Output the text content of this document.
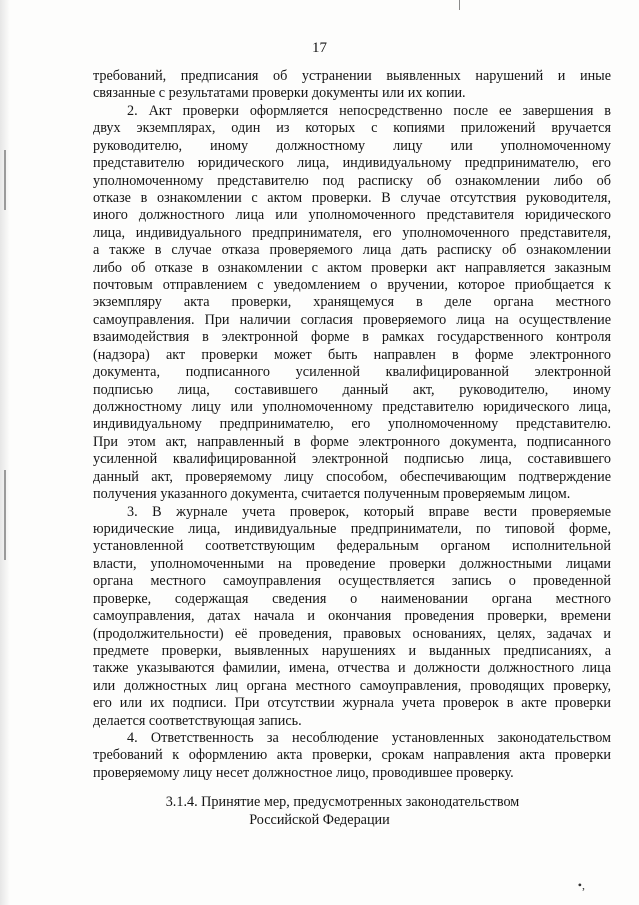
17
требований, предписания об устранении выявленных нарушений и иные
связанные с результатами проверки документы или их копии.
2. Акт проверки оформляется непосредственно после ее завершения в
двух экземплярах, один из которых с копиями приложений вручается
руководителю, иному должностному лицу или уполномоченному
представителю юридического лица, индивидуальному предпринимателю, его
уполномоченному представителю под расписку об ознакомлении либо об
отказе в ознакомлении с актом проверки. В случае отсутствия руководителя,
иного должностного лица или уполномоченного представителя юридического
лица, индивидуального предпринимателя, его уполномоченного представителя,
а также в случае отказа проверяемого лица дать расписку об ознакомлении
либо об отказе в ознакомлении с актом проверки акт направляется заказным
почтовым отправлением с уведомлением о вручении, которое приобщается к
экземпляру акта проверки, хранящемуся в деле органа местного
самоуправления. При наличии согласия проверяемого лица на осуществление
взаимодействия в электронной форме в рамках государственного контроля
(надзора) акт проверки может быть направлен в форме электронного
документа, подписанного усиленной квалифицированной электронной
подписью лица, составившего данный акт, руководителю, иному
должностному лицу или уполномоченному представителю юридического лица,
индивидуальному предпринимателю, его уполномоченному представителю.
При этом акт, направленный в форме электронного документа, подписанного
усиленной квалифицированной электронной подписью лица, составившего
данный акт, проверяемому лицу способом, обеспечивающим подтверждение
получения указанного документа, считается полученным проверяемым лицом.
3. В журнале учета проверок, который вправе вести проверяемые
юридические лица, индивидуальные предприниматели, по типовой форме,
установленной соответствующим федеральным органом исполнительной
власти, уполномоченными на проведение проверки должностными лицами
органа местного самоуправления осуществляется запись о проведенной
проверке, содержащая сведения о наименовании органа местного
самоуправления, датах начала и окончания проведения проверки, времени
(продолжительности) её проведения, правовых основаниях, целях, задачах и
предмете проверки, выявленных нарушениях и выданных предписаниях, а
также указываются фамилии, имена, отчества и должности должностного лица
или должностных лиц органа местного самоуправления, проводящих проверку,
его или их подписи. При отсутствии журнала учета проверок в акте проверки
делается соответствующая запись.
4. Ответственность за несоблюдение установленных законодательством
требований к оформлению акта проверки, срокам направления акта проверки
проверяемому лицу несет должностное лицо, проводившее проверку.
3.1.4. Принятие мер, предусмотренных законодательством
Российской Федерации
•,
